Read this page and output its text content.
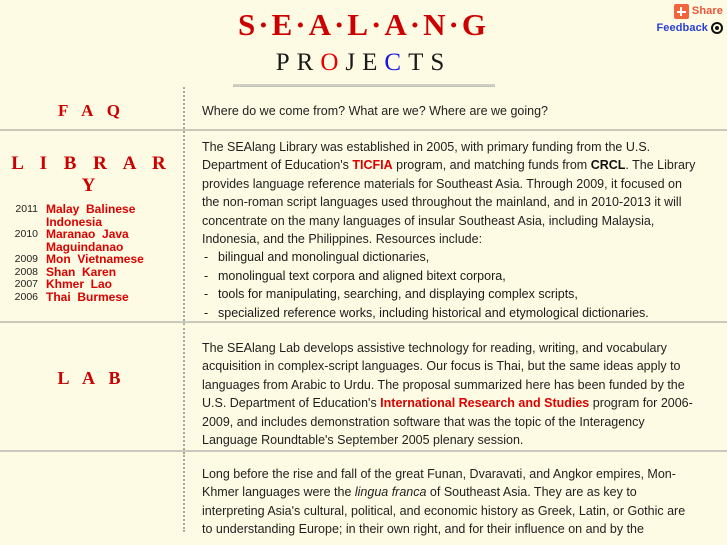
Share
Feedback
S·E·A·L·A·N·G
PROJECTS
F A Q	Where do we come from? What are we? Where are we going?
L I B R A R Y
2011 Malay  Balinese
2010
Indonesia
Maranao  Java
Maguindanao
2009 Mon  Vietnamese
2008 Shan  Karen
2007 Khmer  Lao
2006 Thai  Burmese
The SEAlang Library was established in 2005, with primary funding from the U.S. Department of Education's TICFIA program, and matching funds from CRCL. The Library provides language reference materials for Southeast Asia. Through 2009, it focused on the non-roman script languages used throughout the mainland, and in 2010-2013 it will concentrate on the many languages of insular Southeast Asia, including Malaysia, Indonesia, and the Philippines. Resources include:
- bilingual and monolingual dictionaries,
- monolingual text corpora and aligned bitext corpora,
- tools for manipulating, searching, and displaying complex scripts,
- specialized reference works, including historical and etymological dictionaries.
L A B
The SEAlang Lab develops assistive technology for reading, writing, and vocabulary acquisition in complex-script languages. Our focus is Thai, but the same ideas apply to languages from Arabic to Urdu. The proposal summarized here has been funded by the U.S. Department of Education's International Research and Studies program for 2006-2009, and includes demonstration software that was the topic of the Interagency Language Roundtable's September 2005 plenary session.
Long before the rise and fall of the great Funan, Dvaravati, and Angkor empires, Mon-Khmer languages were the lingua franca of Southeast Asia. They are as key to interpreting Asia's cultural, political, and economic history as Greek, Latin, or Gothic are to understanding Europe; in their own right, and for their influence on and by the
